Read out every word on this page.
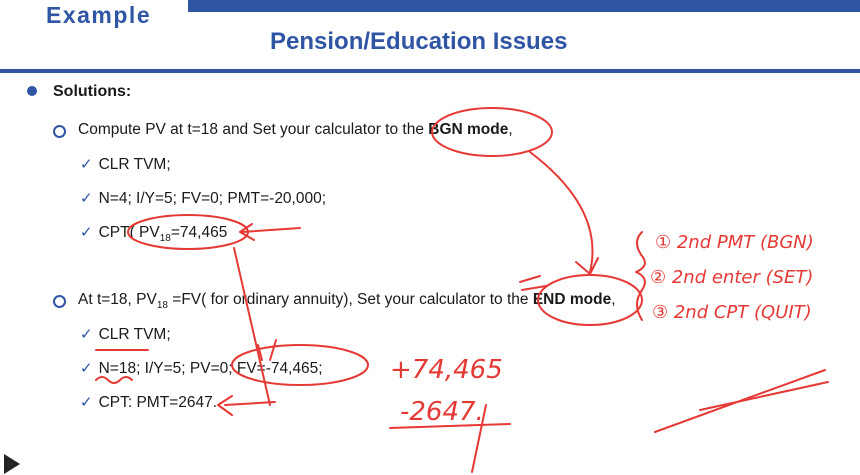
Example
Pension/Education Issues
Solutions:
Compute PV at t=18 and Set your calculator to the BGN mode,
✓ CLR TVM;
✓ N=4; I/Y=5; FV=0; PMT=-20,000;
✓ CPT( $PV_{18}=74,465$
At t=18, $PV_{18} =FV$( for ordinary annuity), Set your calculator to the END mode,
✓ CLR TVM;
✓ N=18; I/Y=5; PV=0; FV=-74,465;
✓ CPT: PMT=2647.
① 2nd PMT (BGN)
② 2nd enter (SET)
③ 2nd CPT (QUIT)
+74,465
-2647.
